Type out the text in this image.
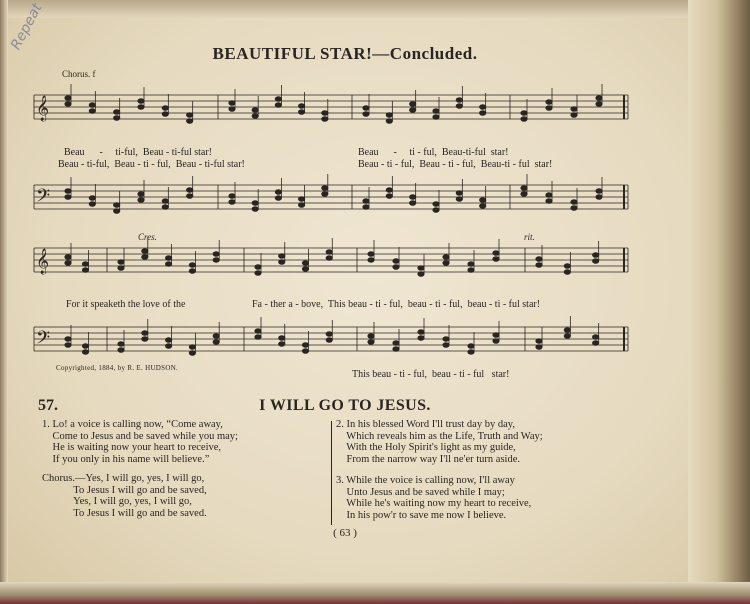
Repeat
BEAUTIFUL STAR!—Concluded.
𝄞
𝄢
𝄞
𝄢
Chorus. f
Cres.	rit.
Beau      -     ti-ful,  Beau - ti-ful star!	Beau      -     ti - ful,  Beau-ti-ful  star!
Beau - ti-ful,  Beau - ti - ful,  Beau - ti-ful star!	Beau - ti - ful,  Beau - ti - ful,  Beau-ti - ful  star!
For it speaketh the love of the	Fa - ther a - bove,  This beau - ti - ful,  beau - ti - ful,  beau - ti - ful star!
Copyrighted, 1884, by R. E. HUDSON.
This beau - ti - ful,  beau - ti - ful   star!
57.	I WILL GO TO JESUS.
1. Lo! a voice is calling now, “Come away,
Come to Jesus and be saved while you may;
He is waiting now your heart to receive,
If you only in his name will believe.”
Chorus.—Yes, I will go, yes, I will go,
To Jesus I will go and be saved,
Yes, I will go, yes, I will go,
To Jesus I will go and be saved.
2. In his blessed Word I'll trust day by day,
Which reveals him as the Life, Truth and Way;
With the Holy Spirit's light as my guide,
From the narrow way I'll ne'er turn aside.
3. While the voice is calling now, I'll away
Unto Jesus and be saved while I may;
While he's waiting now my heart to receive,
In his pow'r to save me now I believe.
( 63 )
